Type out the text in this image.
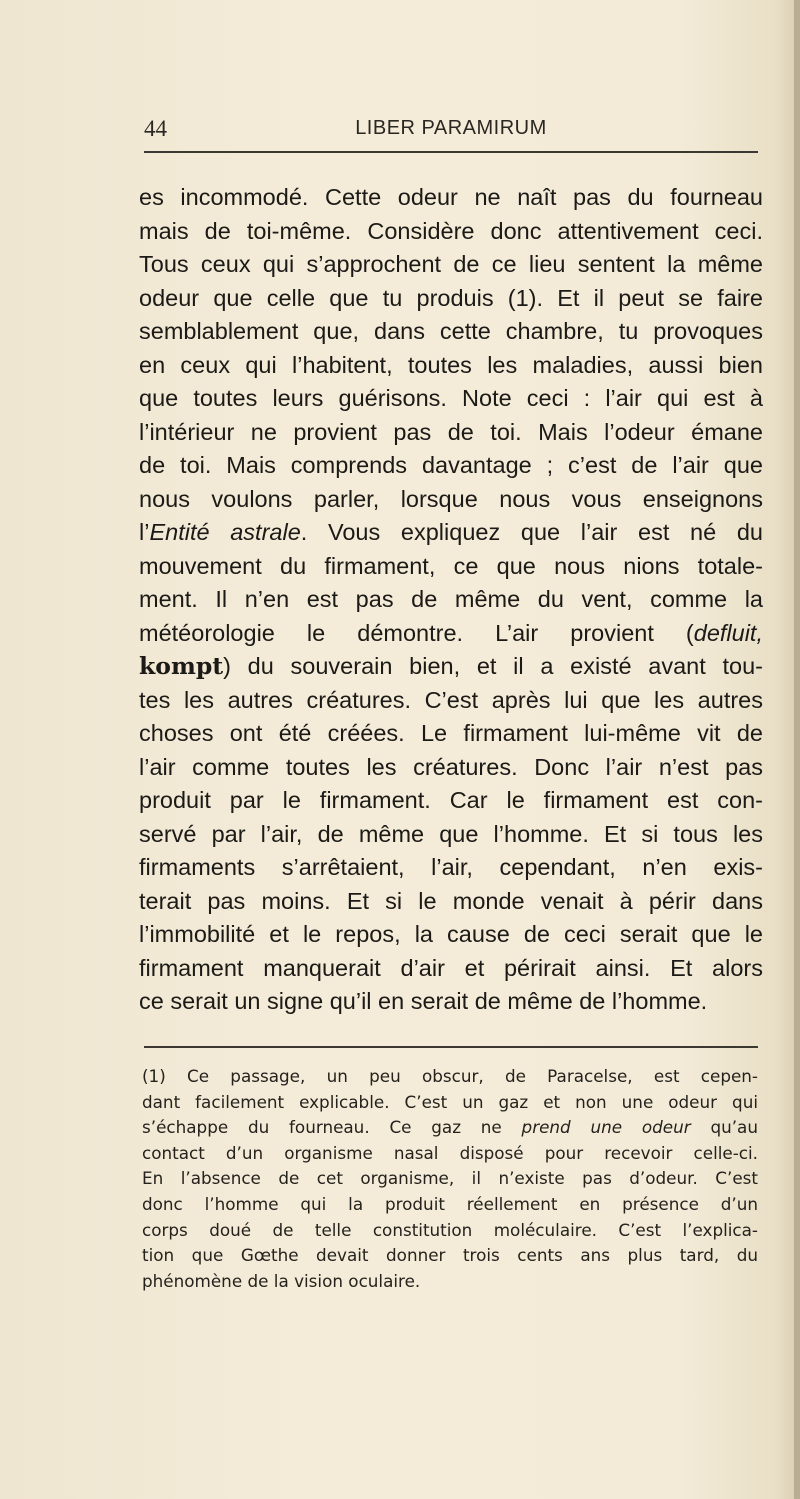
44	LIBER PARAMIRUM
es incommodé. Cette odeur ne naît pas du fourneau
mais de toi-même. Considère donc attentivement ceci.
Tous ceux qui s’approchent de ce lieu sentent la même
odeur que celle que tu produis (1). Et il peut se faire
semblablement que, dans cette chambre, tu provoques
en ceux qui l’habitent, toutes les maladies, aussi bien
que toutes leurs guérisons. Note ceci : l’air qui est à
l’intérieur ne provient pas de toi. Mais l’odeur émane
de toi. Mais comprends davantage ; c’est de l’air que
nous voulons parler, lorsque nous vous enseignons
l’Entité astrale. Vous expliquez que l’air est né du
mouvement du firmament, ce que nous nions totale-
ment. Il n’en est pas de même du vent, comme la
météorologie le démontre. L’air provient (defluit,
kompt) du souverain bien, et il a existé avant tou-
tes les autres créatures. C’est après lui que les autres
choses ont été créées. Le firmament lui-même vit de
l’air comme toutes les créatures. Donc l’air n’est pas
produit par le firmament. Car le firmament est con-
servé par l’air, de même que l’homme. Et si tous les
firmaments s’arrêtaient, l’air, cependant, n’en exis-
terait pas moins. Et si le monde venait à périr dans
l’immobilité et le repos, la cause de ceci serait que le
firmament manquerait d’air et périrait ainsi. Et alors
ce serait un signe qu’il en serait de même de l’homme.
(1) Ce passage, un peu obscur, de Paracelse, est cepen-
dant facilement explicable. C’est un gaz et non une odeur qui
s’échappe du fourneau. Ce gaz ne prend une odeur qu’au
contact d’un organisme nasal disposé pour recevoir celle-ci.
En l’absence de cet organisme, il n’existe pas d’odeur. C’est
donc l’homme qui la produit réellement en présence d’un
corps doué de telle constitution moléculaire. C’est l’explica-
tion que Gœthe devait donner trois cents ans plus tard, du
phénomène de la vision oculaire.
